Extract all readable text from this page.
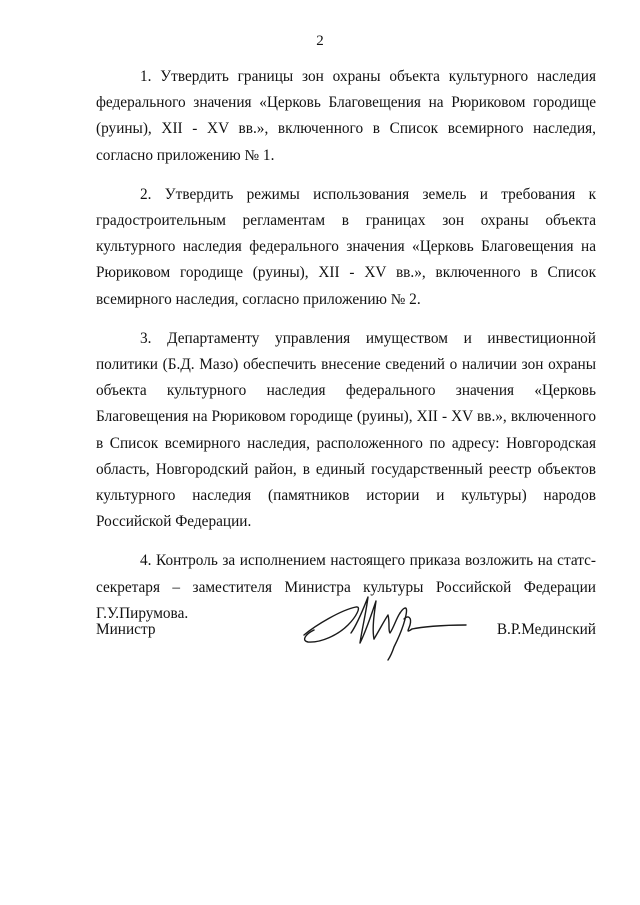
2

1. Утвердить границы зон охраны объекта культурного наследия федерального значения «Церковь Благовещения на Рюриковом городище (руины), XII - XV вв.», включенного в Список всемирного наследия, согласно приложению № 1.

2. Утвердить режимы использования земель и требования к градостроительным регламентам в границах зон охраны объекта культурного наследия федерального значения «Церковь Благовещения на Рюриковом городище (руины), XII - XV вв.», включенного в Список всемирного наследия, согласно приложению № 2.

3. Департаменту управления имуществом и инвестиционной политики (Б.Д. Мазо) обеспечить внесение сведений о наличии зон охраны объекта культурного наследия федерального значения «Церковь Благовещения на Рюриковом городище (руины), XII - XV вв.», включенного в Список всемирного наследия, расположенного по адресу: Новгородская область, Новгородский район, в единый государственный реестр объектов культурного наследия (памятников истории и культуры) народов Российской Федерации.

4. Контроль за исполнением настоящего приказа возложить на статс-секретаря – заместителя Министра культуры Российской Федерации Г.У.Пирумова.

Министр	В.Р.Мединский
